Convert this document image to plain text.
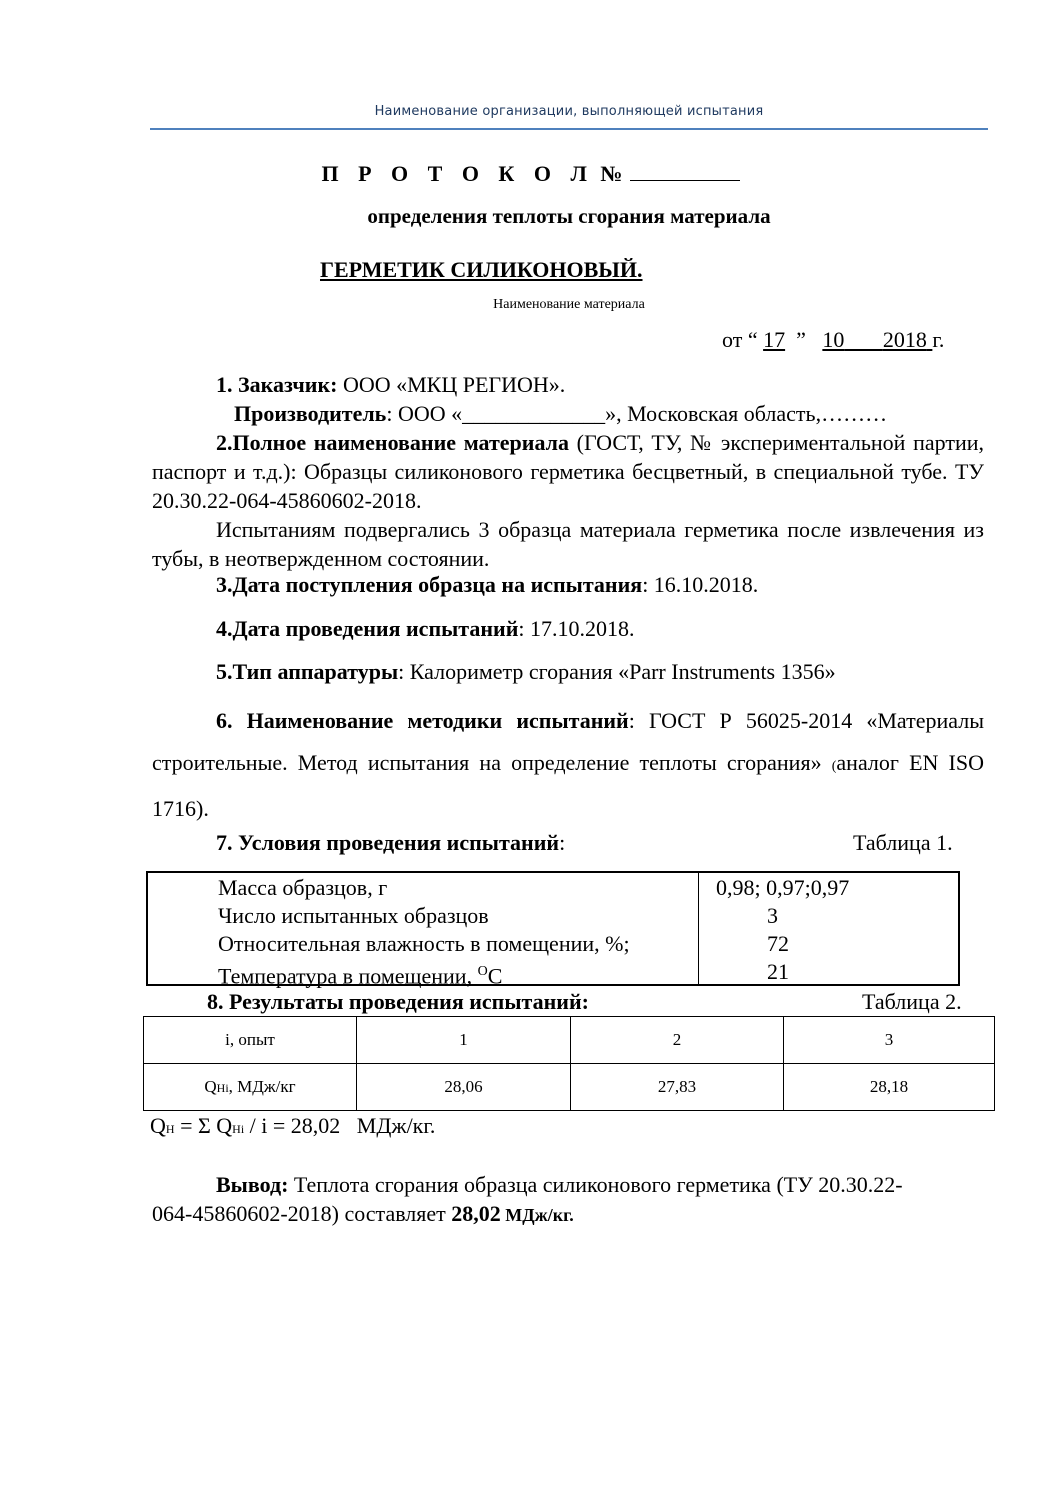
Наименование организации, выполняющей испытания
П Р О Т О К О Л №
определения теплоты сгорания материала
ГЕРМЕТИК СИЛИКОНОВЫЙ.
Наименование материала
от “ 17 ” 10 2018 г.
1. Заказчик: ООО «МКЦ РЕГИОН».
Производитель: ООО «_____________», Московская область,………
2.Полное наименование материала (ГОСТ, ТУ, № экспериментальной партии, паспорт и т.д.): Образцы силиконового герметика бесцветный, в специальной тубе. ТУ 20.30.22-064-45860602-2018.
Испытаниям подвергались 3 образца материала герметика после извлечения из тубы, в неотвержденном состоянии.
3.Дата поступления образца на испытания: 16.10.2018.
4.Дата проведения испытаний: 17.10.2018.
5.Тип аппаратуры: Калориметр сгорания «Parr Instruments 1356»
6. Наименование методики испытаний: ГОСТ Р 56025-2014 «Материалы строительные. Метод испытания на определение теплоты сгорания» (аналог EN ISO 1716).
7. Условия проведения испытаний:	Таблица 1.
Масса образцов, г	0,98; 0,97;0,97
Число испытанных образцов	3
Относительная влажность в помещении, %;	72
Температура в помещении, $^O$C	21
8. Результаты проведения испытаний:	Таблица 2.
i, опыт	1	2	3
QHi, МДж/кг	28,06	27,83	28,18
QH = Σ QHi / i = 28,02   МДж/кг.
Вывод: Теплота сгорания образца силиконового герметика (ТУ 20.30.22-064-45860602-2018) составляет 28,02 МДж/кг.
